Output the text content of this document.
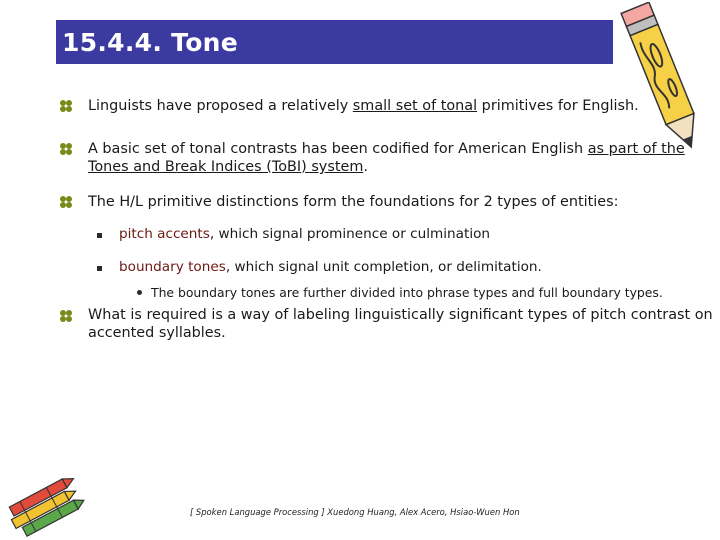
15.4.4. Tone
Linguists have proposed a relatively small set of tonal primitives for English.
A basic set of tonal contrasts has been codified for American English as part of the
Tones and Break Indices (ToBI) system.
The H/L primitive distinctions form the foundations for 2 types of entities:
pitch accents, which signal prominence or culmination
boundary tones, which signal unit completion, or delimitation.
The boundary tones are further divided into phrase types and full boundary types.
What is required is a way of labeling linguistically significant types of pitch contrast on
accented syllables.
[ Spoken Language Processing ] Xuedong Huang, Alex Acero, Hsiao-Wuen Hon
